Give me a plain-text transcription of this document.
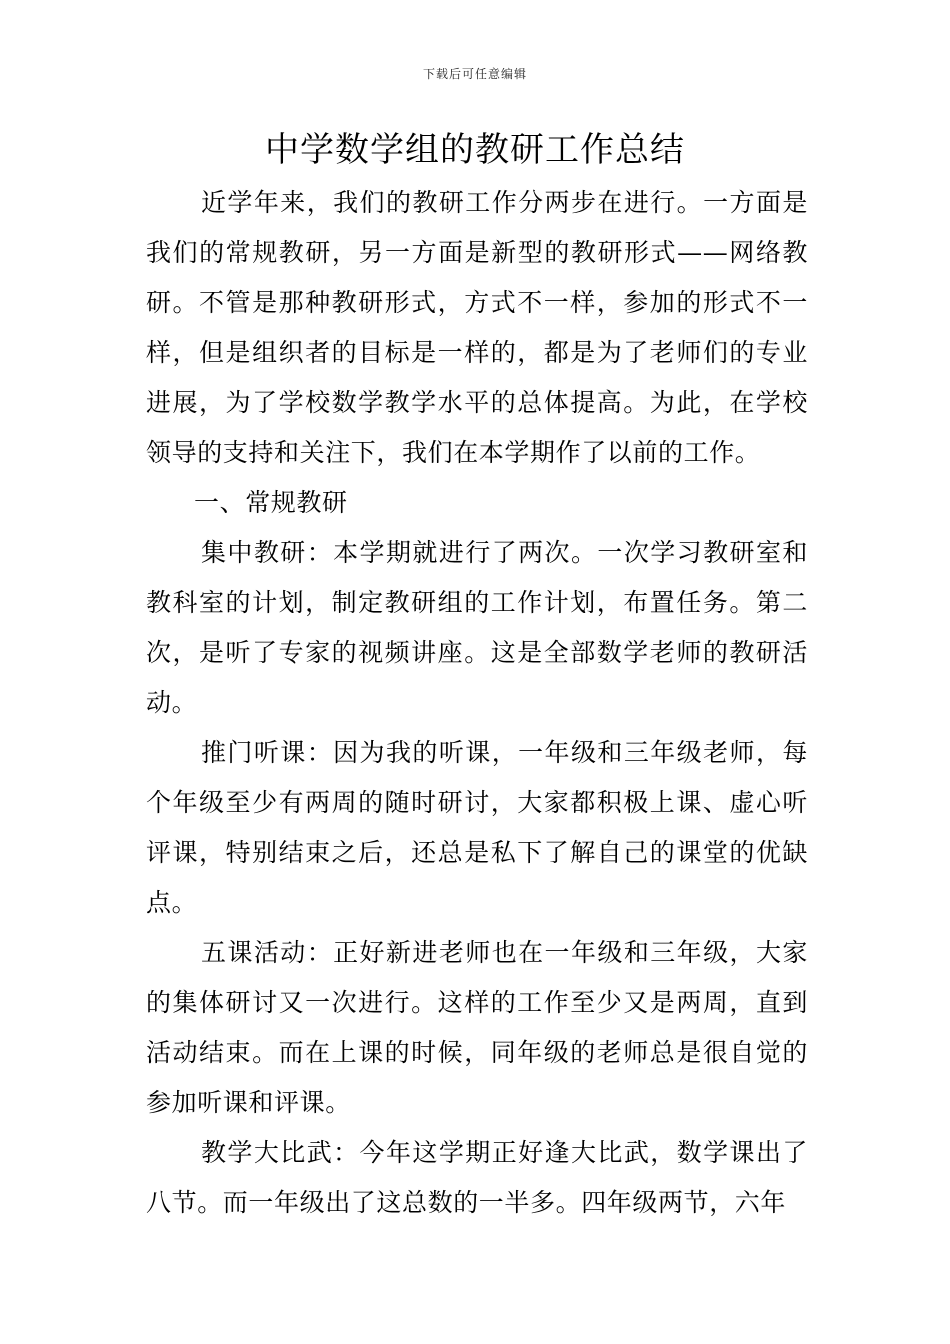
下载后可任意编辑
中学数学组的教研工作总结

近学年来，我们的教研工作分两步在进行。一方面是我们的常规教研，另一方面是新型的教研形式——网络教研。不管是那种教研形式，方式不一样，参加的形式不一样，但是组织者的目标是一样的，都是为了老师们的专业进展，为了学校数学教学水平的总体提高。为此，在学校领导的支持和关注下，我们在本学期作了以前的工作。

一、常规教研

集中教研：本学期就进行了两次。一次学习教研室和教科室的计划，制定教研组的工作计划，布置任务。第二次，是听了专家的视频讲座。这是全部数学老师的教研活动。

推门听课：因为我的听课，一年级和三年级老师，每个年级至少有两周的随时研讨，大家都积极上课、虚心听评课，特别结束之后，还总是私下了解自己的课堂的优缺点。

五课活动：正好新进老师也在一年级和三年级，大家的集体研讨又一次进行。这样的工作至少又是两周，直到活动结束。而在上课的时候，同年级的老师总是很自觉的参加听课和评课。

教学大比武：今年这学期正好逢大比武，数学课出了八节。而一年级出了这总数的一半多。四年级两节，六年
